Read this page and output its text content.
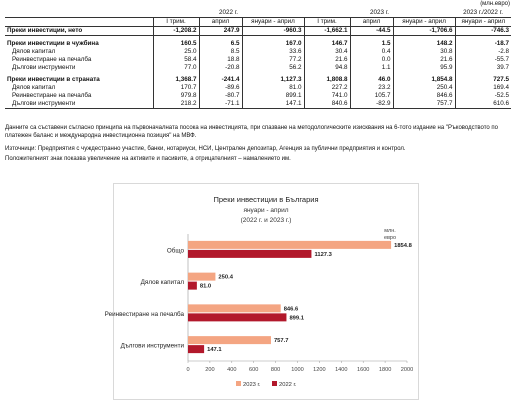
(млн.евро)
	2022 г.			2023 г.			2023 г./2022 г.
	I трим.	април	януари - април	I трим.	април	януари - април	януари - април
Преки инвестиции, нето	-1,208.2	247.9	-960.3	-1,662.1	-44.5	-1,706.6	-746.3

Преки инвестиции в чужбина	160.5	6.5	167.0	146.7	1.5	148.2	-18.7
Дялов капитал	25.0	8.5	33.6	30.4	0.4	30.8	-2.8
Реинвестиране на печалба	58.4	18.8	77.2	21.6	0.0	21.6	-55.7
Дългови инструменти	77.0	-20.8	56.2	94.8	1.1	95.9	39.7

Преки инвестиции в страната	1,368.7	-241.4	1,127.3	1,808.8	46.0	1,854.8	727.5
Дялов капитал	170.7	-89.6	81.0	227.2	23.2	250.4	169.4
Реинвестиране на печалба	979.8	-80.7	899.1	741.0	105.7	846.6	-52.5
Дългови инструменти	218.2	-71.1	147.1	840.6	-82.9	757.7	610.6
Данните са съставени съгласно принципа на първоначалната посока на инвестицията, при спазване на методологическите изисквания на 6-тото издание на "Ръководството по платежен баланс и международна инвестиционна позиция" на МВФ.
Източници: Предприятия с чуждестранно участие, банки, нотариуси, НСИ, Централен депозитар, Агенция за публични предприятия и контрол.
Положителният знак показва увеличение на активите и пасивите, а отрицателният – намалението им.
Преки инвестиции в България
януари - април
(2022 г. и 2023 г.)
млн.
евро
0	200 400 600 800 1000 1200 1400 1600 1800 2000
Общо
1854.8
1127.3
Дялов капитал
250.4
81.0
Реинвестиране на печалба
846.6
899.1
Дългови инструменти
757.7
147.1
2023 г.	2022 г.
